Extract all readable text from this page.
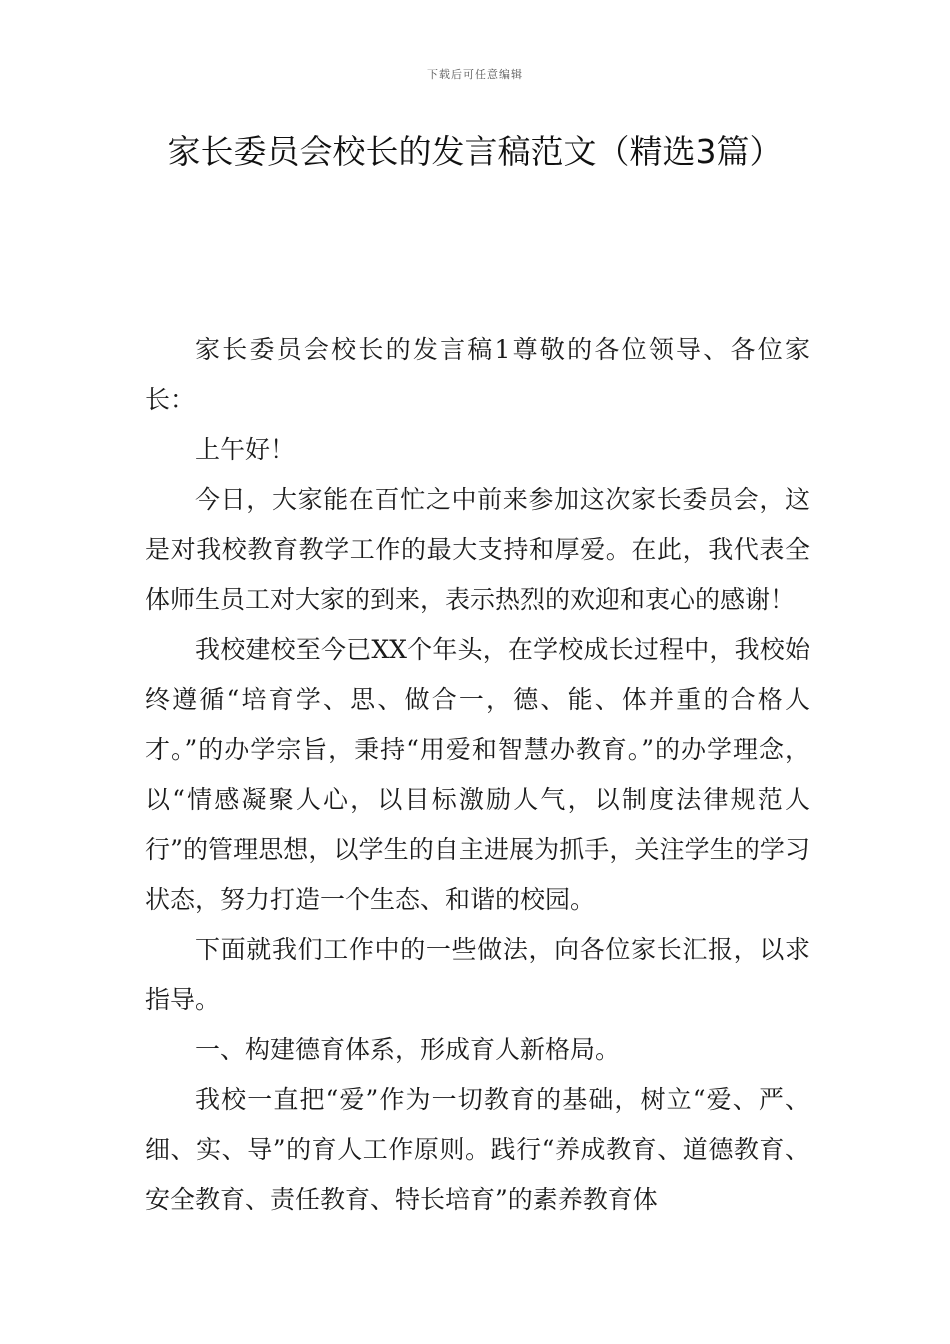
下载后可任意编辑
家长委员会校长的发言稿范文（精选3篇）

家长委员会校长的发言稿1尊敬的各位领导、各位家长：

上午好！

今日，大家能在百忙之中前来参加这次家长委员会，这是对我校教育教学工作的最大支持和厚爱。在此，我代表全体师生员工对大家的到来，表示热烈的欢迎和衷心的感谢！

我校建校至今已XX个年头，在学校成长过程中，我校始终遵循“培育学、思、做合一，德、能、体并重的合格人才。”的办学宗旨，秉持“用爱和智慧办教育。”的办学理念，以“情感凝聚人心，以目标激励人气，以制度法律规范人行”的管理思想，以学生的自主进展为抓手，关注学生的学习状态，努力打造一个生态、和谐的校园。

下面就我们工作中的一些做法，向各位家长汇报，以求指导。

一、构建德育体系，形成育人新格局。

我校一直把“爱”作为一切教育的基础，树立“爱、严、细、实、导”的育人工作原则。践行“养成教育、道德教育、安全教育、责任教育、特长培育”的素养教育体
